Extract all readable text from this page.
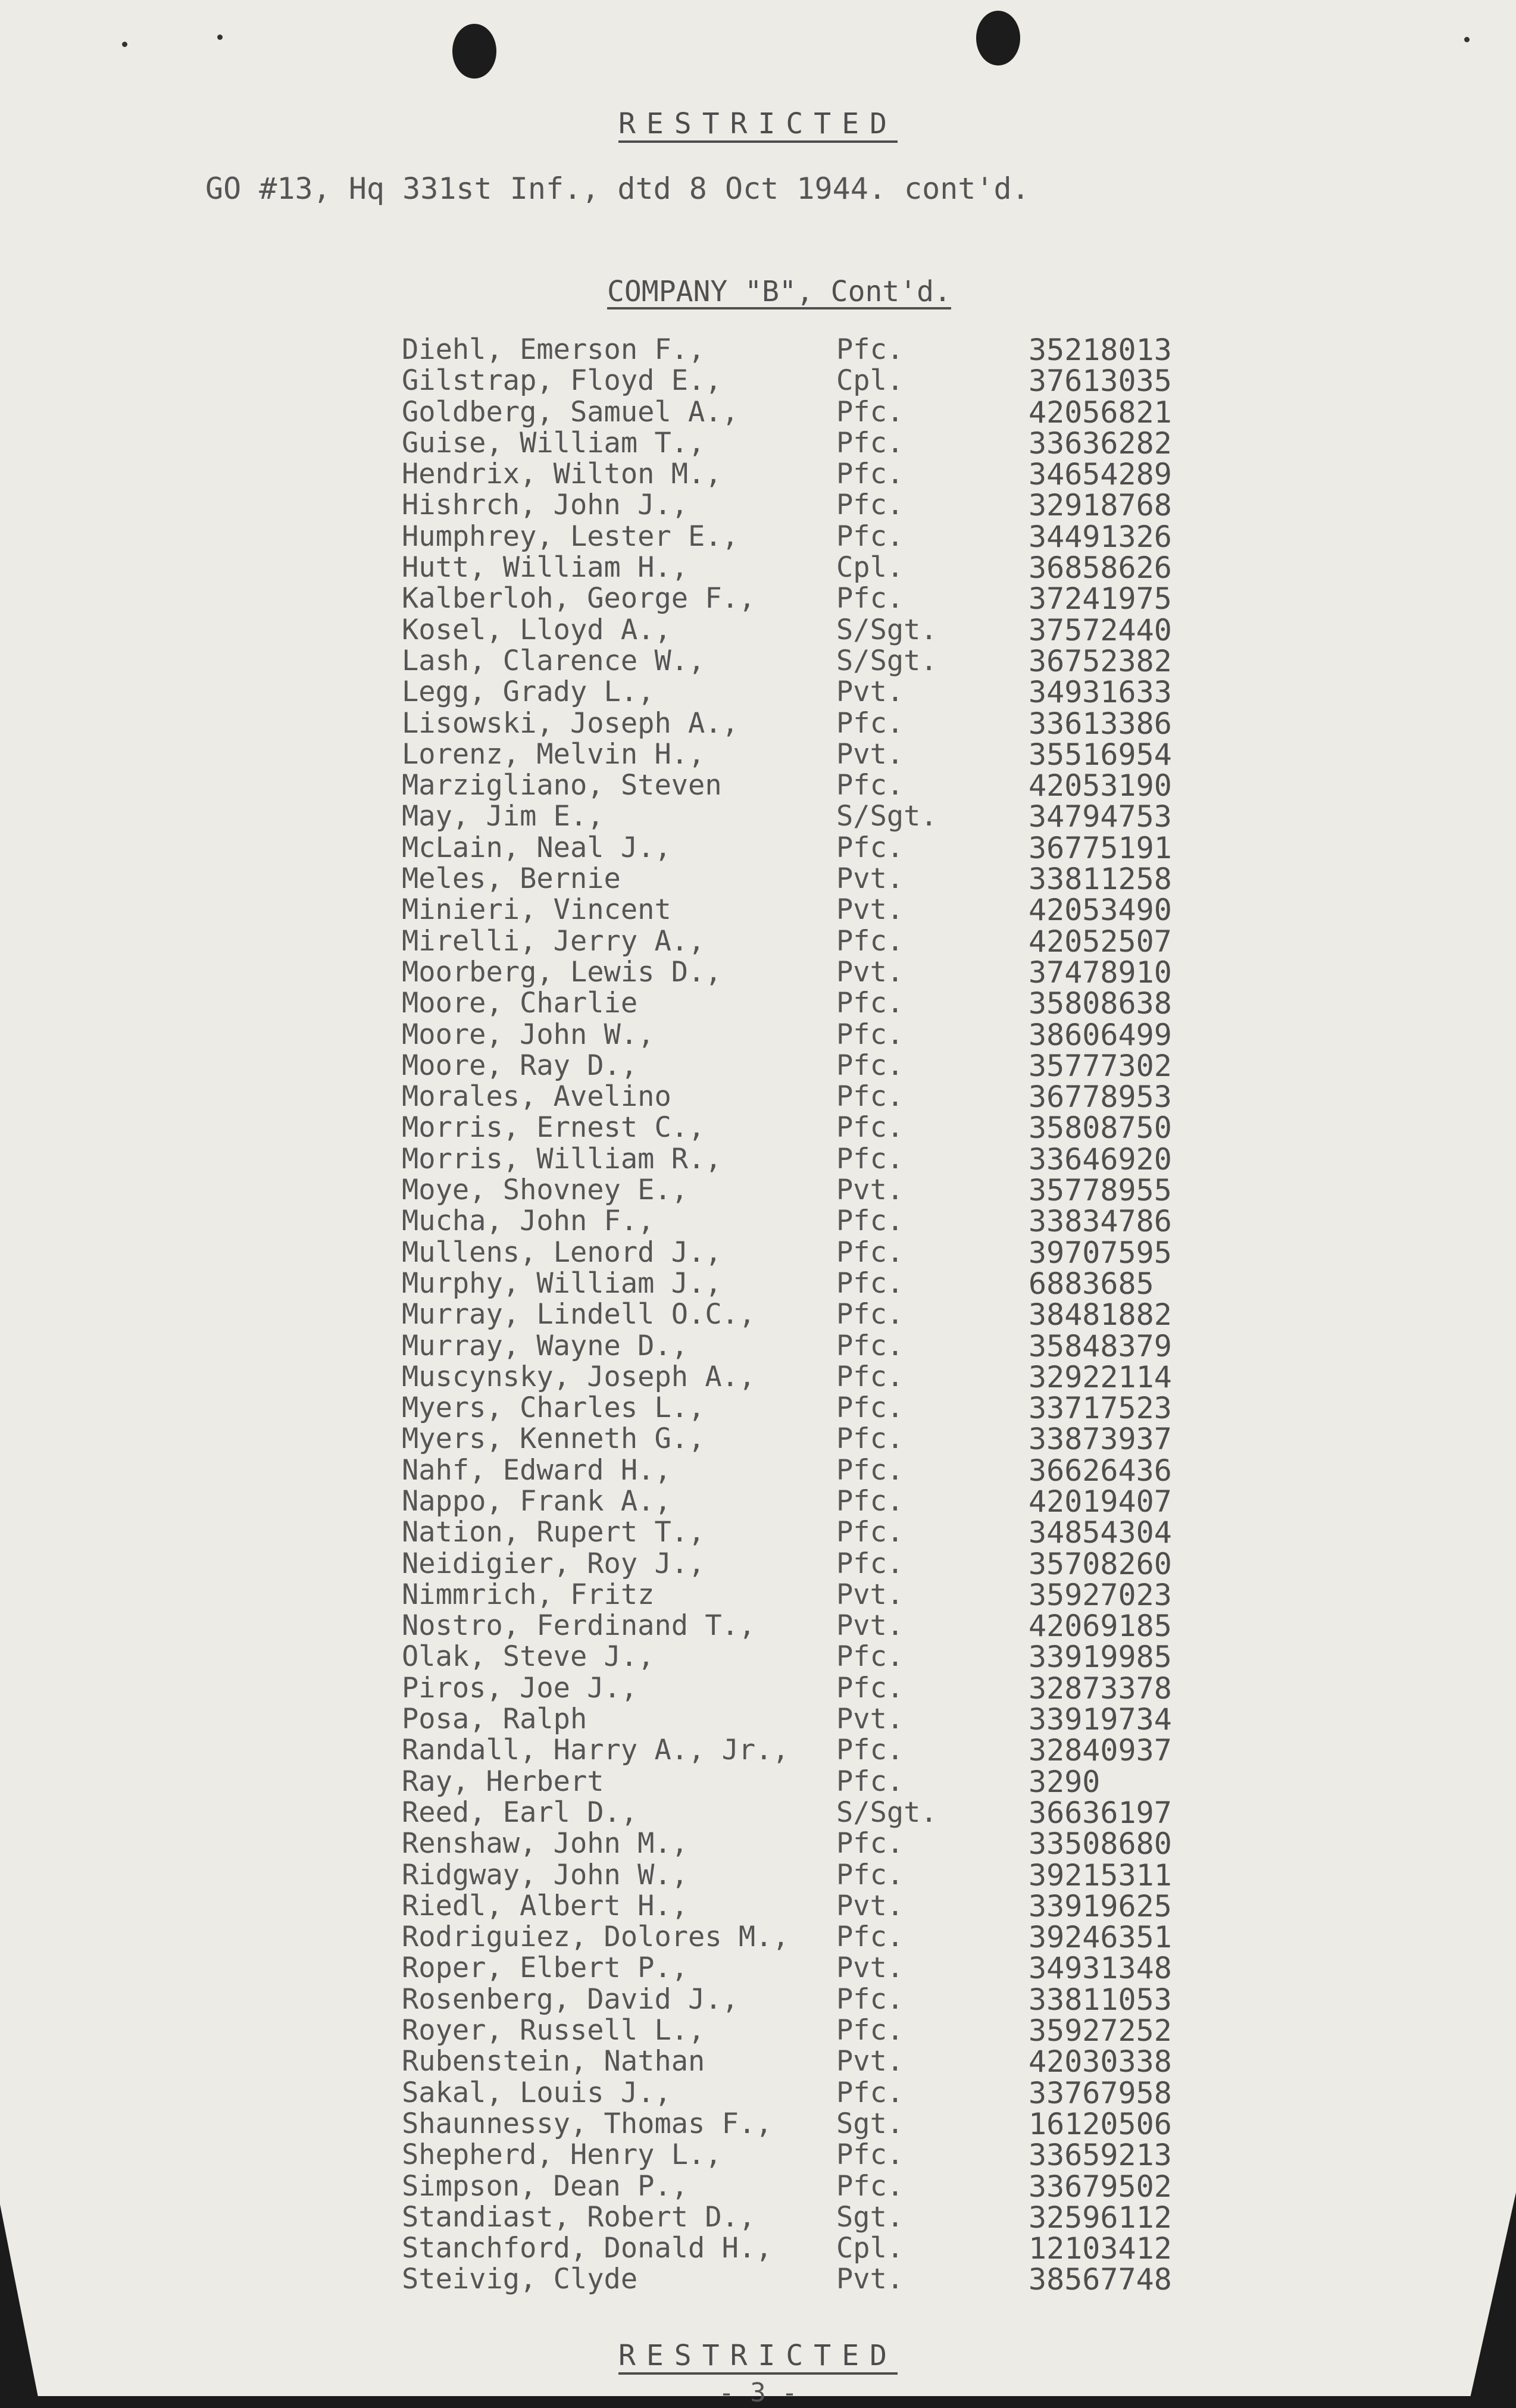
RESTRICTED
GO #13, Hq 331st Inf., dtd 8 Oct 1944. cont'd.
COMPANY "B", Cont'd.
Diehl, Emerson F.,	Pfc.	35218013
Gilstrap, Floyd E.,	Cpl.	37613035
Goldberg, Samuel A.,	Pfc.	42056821
Guise, William T.,	Pfc.	33636282
Hendrix, Wilton M.,	Pfc.	34654289
Hishrch, John J.,	Pfc.	32918768
Humphrey, Lester E.,	Pfc.	34491326
Hutt, William H.,	Cpl.	36858626
Kalberloh, George F.,	Pfc.	37241975
Kosel, Lloyd A.,	S/Sgt.	37572440
Lash, Clarence W.,	S/Sgt.	36752382
Legg, Grady L.,	Pvt.	34931633
Lisowski, Joseph A.,	Pfc.	33613386
Lorenz, Melvin H.,	Pvt.	35516954
Marzigliano, Steven	Pfc.	42053190
May, Jim E.,	S/Sgt.	34794753
McLain, Neal J.,	Pfc.	36775191
Meles, Bernie	Pvt.	33811258
Minieri, Vincent	Pvt.	42053490
Mirelli, Jerry A.,	Pfc.	42052507
Moorberg, Lewis D.,	Pvt.	37478910
Moore, Charlie	Pfc.	35808638
Moore, John W.,	Pfc.	38606499
Moore, Ray D.,	Pfc.	35777302
Morales, Avelino	Pfc.	36778953
Morris, Ernest C.,	Pfc.	35808750
Morris, William R.,	Pfc.	33646920
Moye, Shovney E.,	Pvt.	35778955
Mucha, John F.,	Pfc.	33834786
Mullens, Lenord J.,	Pfc.	39707595
Murphy, William J.,	Pfc.	6883685
Murray, Lindell O.C.,	Pfc.	38481882
Murray, Wayne D.,	Pfc.	35848379
Muscynsky, Joseph A.,	Pfc.	32922114
Myers, Charles L.,	Pfc.	33717523
Myers, Kenneth G.,	Pfc.	33873937
Nahf, Edward H.,	Pfc.	36626436
Nappo, Frank A.,	Pfc.	42019407
Nation, Rupert T.,	Pfc.	34854304
Neidigier, Roy J.,	Pfc.	35708260
Nimmrich, Fritz	Pvt.	35927023
Nostro, Ferdinand T.,	Pvt.	42069185
Olak, Steve J.,	Pfc.	33919985
Piros, Joe J.,	Pfc.	32873378
Posa, Ralph	Pvt.	33919734
Randall, Harry A., Jr., Pfc.	32840937
Ray, Herbert	Pfc.	3290
Reed, Earl D.,	S/Sgt.	36636197
Renshaw, John M.,	Pfc.	33508680
Ridgway, John W.,	Pfc.	39215311
Riedl, Albert H.,	Pvt.	33919625
Rodriguiez, Dolores M., Pfc.	39246351
Roper, Elbert P.,	Pvt.	34931348
Rosenberg, David J.,	Pfc.	33811053
Royer, Russell L.,	Pfc.	35927252
Rubenstein, Nathan	Pvt.	42030338
Sakal, Louis J.,	Pfc.	33767958
Shaunnessy, Thomas F., Sgt.	16120506
Shepherd, Henry L.,	Pfc.	33659213
Simpson, Dean P.,	Pfc.	33679502
Standiast, Robert D.,	Sgt.	32596112
Stanchford, Donald H., Cpl.	12103412
Steivig, Clyde	Pvt.	38567748
RESTRICTED
- 3 -
